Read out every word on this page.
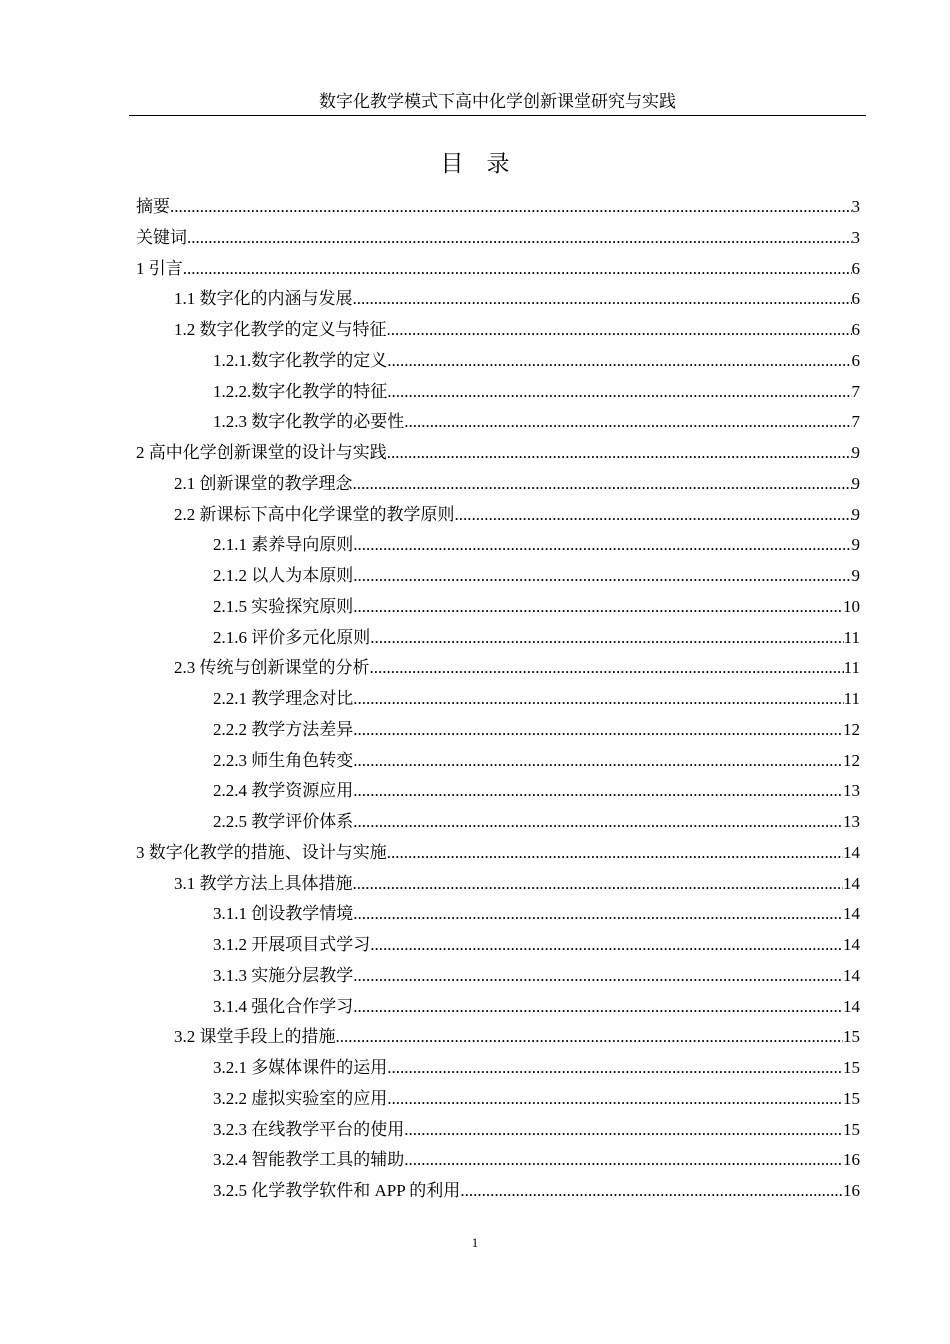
数字化教学模式下高中化学创新课堂研究与实践
目　录
摘要 .....	3
关键词 .....	3
1 引言 .....	6
1.1 数字化的内涵与发展 .....	6
1.2 数字化教学的定义与特征 .....	6
1.2.1.数字化教学的定义 .....	6
1.2.2.数字化教学的特征 .....	7
1.2.3 数字化教学的必要性 .....	7
2 高中化学创新课堂的设计与实践 .....	9
2.1 创新课堂的教学理念 .....	9
2.2 新课标下高中化学课堂的教学原则 .....	9
2.1.1 素养导向原则 .....	9
2.1.2 以人为本原则 .....	9
2.1.5 实验探究原则 .....	10
2.1.6 评价多元化原则 .....	11
2.3 传统与创新课堂的分析 .....	11
2.2.1 教学理念对比 .....	11
2.2.2 教学方法差异 .....	12
2.2.3 师生角色转变 .....	12
2.2.4 教学资源应用 .....	13
2.2.5 教学评价体系 .....	13
3 数字化教学的措施、设计与实施 .....	14
3.1 教学方法上具体措施 .....	14
3.1.1 创设教学情境 .....	14
3.1.2 开展项目式学习 .....	14
3.1.3 实施分层教学 .....	14
3.1.4 强化合作学习 .....	14
3.2 课堂手段上的措施 .....	15
3.2.1 多媒体课件的运用 .....	15
3.2.2 虚拟实验室的应用 .....	15
3.2.3 在线教学平台的使用 .....	15
3.2.4 智能教学工具的辅助 .....	16
3.2.5 化学教学软件和 APP 的利用 .....	16
1
